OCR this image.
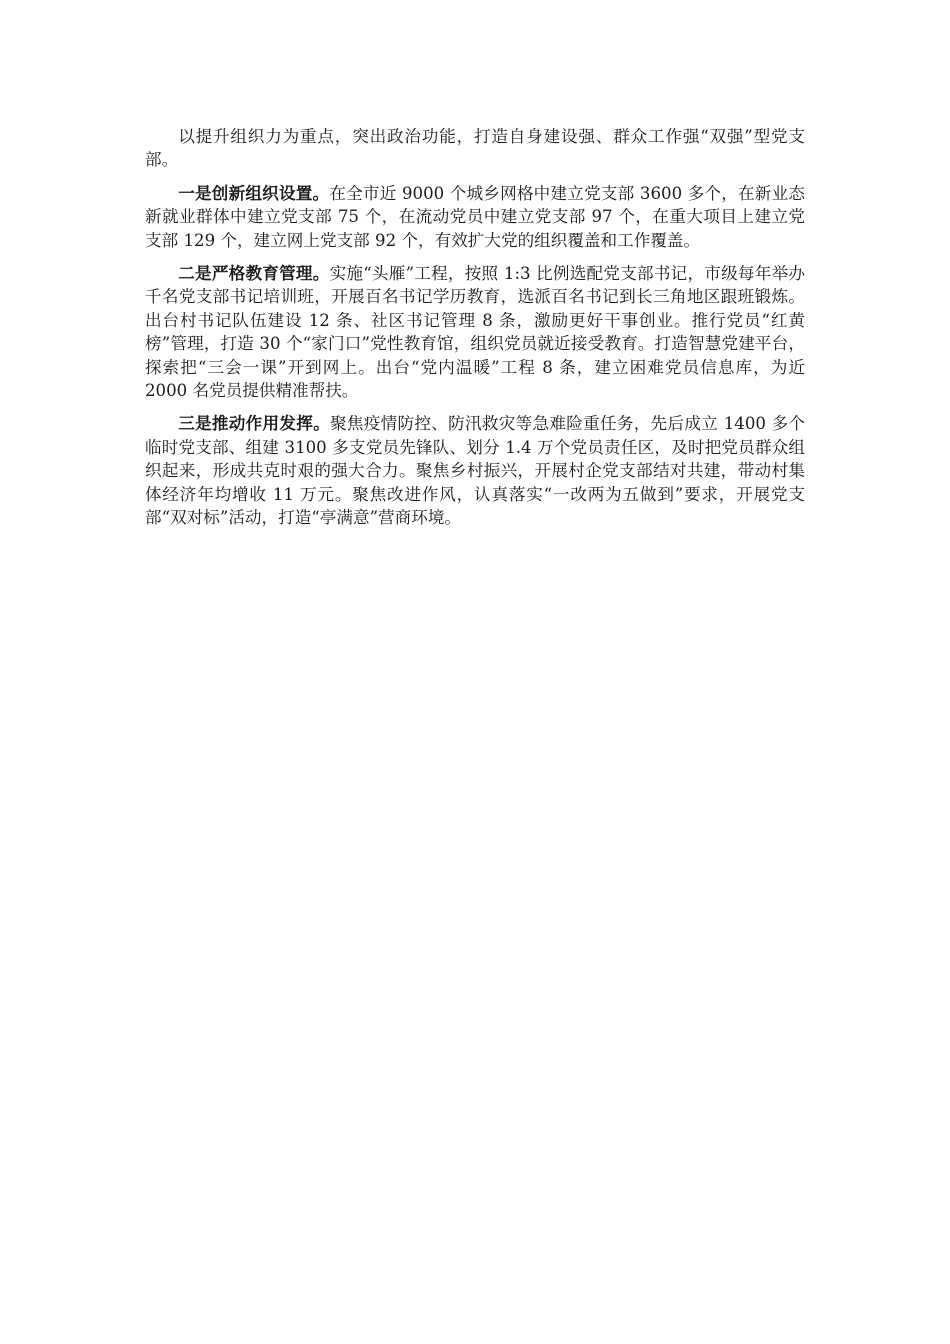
以提升组织力为重点，突出政治功能，打造自身建设强、群众工作强“双强”型党支部。

一是创新组织设置。在全市近 9000 个城乡网格中建立党支部 3600 多个，在新业态新就业群体中建立党支部 75 个，在流动党员中建立党支部 97 个，在重大项目上建立党支部 129 个，建立网上党支部 92 个，有效扩大党的组织覆盖和工作覆盖。

二是严格教育管理。实施“头雁”工程，按照 1:3 比例选配党支部书记，市级每年举办千名党支部书记培训班，开展百名书记学历教育，选派百名书记到长三角地区跟班锻炼。出台村书记队伍建设 12 条、社区书记管理 8 条，激励更好干事创业。推行党员“红黄榜”管理，打造 30 个“家门口”党性教育馆，组织党员就近接受教育。打造智慧党建平台，探索把“三会一课”开到网上。出台“党内温暖”工程 8 条，建立困难党员信息库，为近 2000 名党员提供精准帮扶。

三是推动作用发挥。聚焦疫情防控、防汛救灾等急难险重任务，先后成立 1400 多个临时党支部、组建 3100 多支党员先锋队、划分 1.4 万个党员责任区，及时把党员群众组织起来，形成共克时艰的强大合力。聚焦乡村振兴，开展村企党支部结对共建，带动村集体经济年均增收 11 万元。聚焦改进作风，认真落实“一改两为五做到”要求，开展党支部“双对标”活动，打造“亭满意”营商环境。
